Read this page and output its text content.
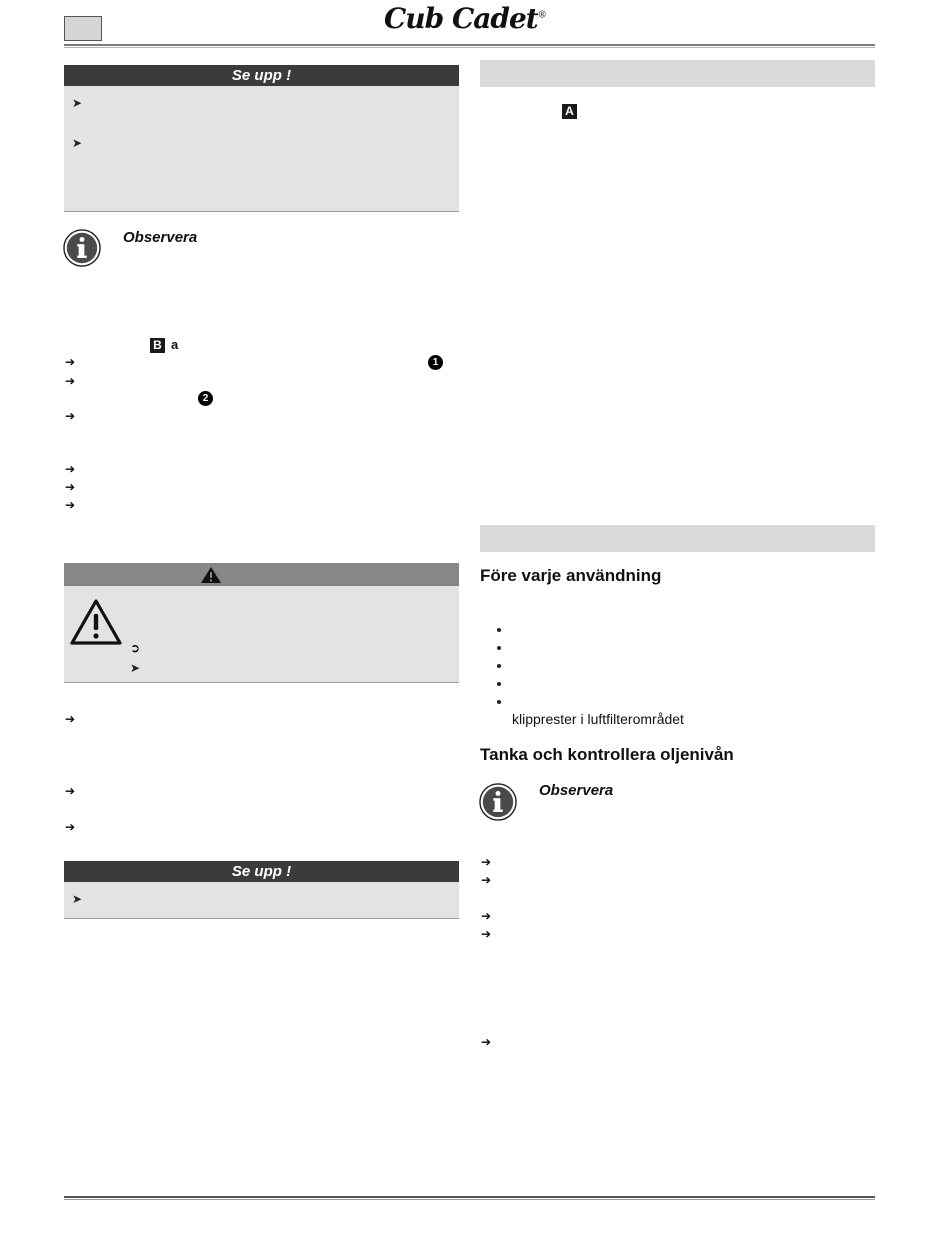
Cub Cadet®
Se upp !
➤
➤
Observera
B a
➔	1
➔
2
➔
➔
➔
➔
➲
➤
➔
➔
➔
Se upp !
➤
A
Före varje användning
klipprester i luftfilterområdet
Tanka och kontrollera oljenivån
Observera
➔
➔
➔
➔
➔
